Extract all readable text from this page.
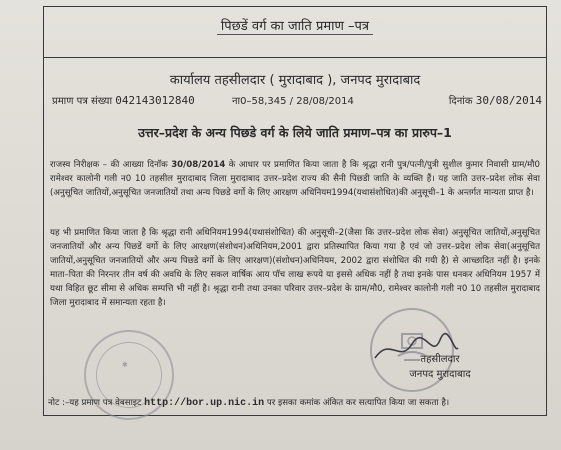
पिछडें वर्ग का जाति प्रमाण –पत्र
कार्यालय तहसीलदार ( मुरादाबाद ), जनपद मुरादाबाद
प्रमाण पत्र संख्या 042143012840	ना0–58,345 / 28/08/2014	दिनांक 30/08/2014
उत्तर–प्रदेश के अन्य पिछडे वर्ग के लिये जाति प्रमाण–पत्र का प्रारुप–1
राजस्व निरीक्षक – की आख्या दिनॉक 30/08/2014 के आधार पर प्रमाणित किया जाता है कि श्रृद्धा रानी पुत्र/पत्नी/पुत्री सुशील कुमार निवासी ग्राम/मौ0 रामेश्वर कालोनी गली न0 10 तहसील मुरादाबाद जिला मुरादाबाद उत्तर–प्रदेश राज्य की सैनी पिछडी जाति के व्यक्ति हैं। यह जाति उत्तर–प्रदेश लोक सेवा (अनुसूचित जातियों,अनुसूचित जनजातियों तथा अन्य पिछडे वर्गो के लिए आरक्षण अधिनियम1994(यथासंशोधित)की अनुसूची–1 के अन्तर्गत मान्यता प्राप्त है।
यह भी प्रमाणित किया जाता है कि श्रृद्धा रानी अधिनियम1994(यथासंशोधित) की अनुसूची–2(जैसा कि उत्तर–प्रदेश लोक सेवा) अनुसूचित जातियों,अनुसूचित जनजातियों और अन्य पिछडें वर्गो के लिए आरक्षण(संशोधन)अधिनियम,2001 द्वारा प्रतिस्थापित किया गया है एवं जो उत्तर–प्रदेश लोक सेवा(अनुसूचित जातियों,अनुसूचित जनजातियों और अन्य पिछडे वर्गो के लिए आरक्षण)(संशोधन)अधिनियम, 2002 द्वारा संशोधित की गयी है) से आच्छादित नहीं है। इनके माता–पिता की निरन्तर तीन वर्ष की अवधि के लिए सकल वार्षिक आय पॉच लाख रूपये या इससे अधिक नहीं है तथा इनके पास धनकर अधिनियम 1957 में यथा विहित छूट सीमा से अधिक सम्पत्ति भी नहीं है। श्रृद्धा रानी तथा उनका परिवार उत्तर–प्रदेश के ग्राम/मौ0, रामेश्वर कालोनी गली न0 10 तहसील मुरादाबाद जिला मुरादाबाद में समान्यता रहता है।
✱	तहसीलदार
जनपद मुरादाबाद
नोट :–यह प्रमाण पत्र वेबसाइट http://bor.up.nic.in पर इसका कमांक अंकित कर सत्यापित किया जा सकता है।
